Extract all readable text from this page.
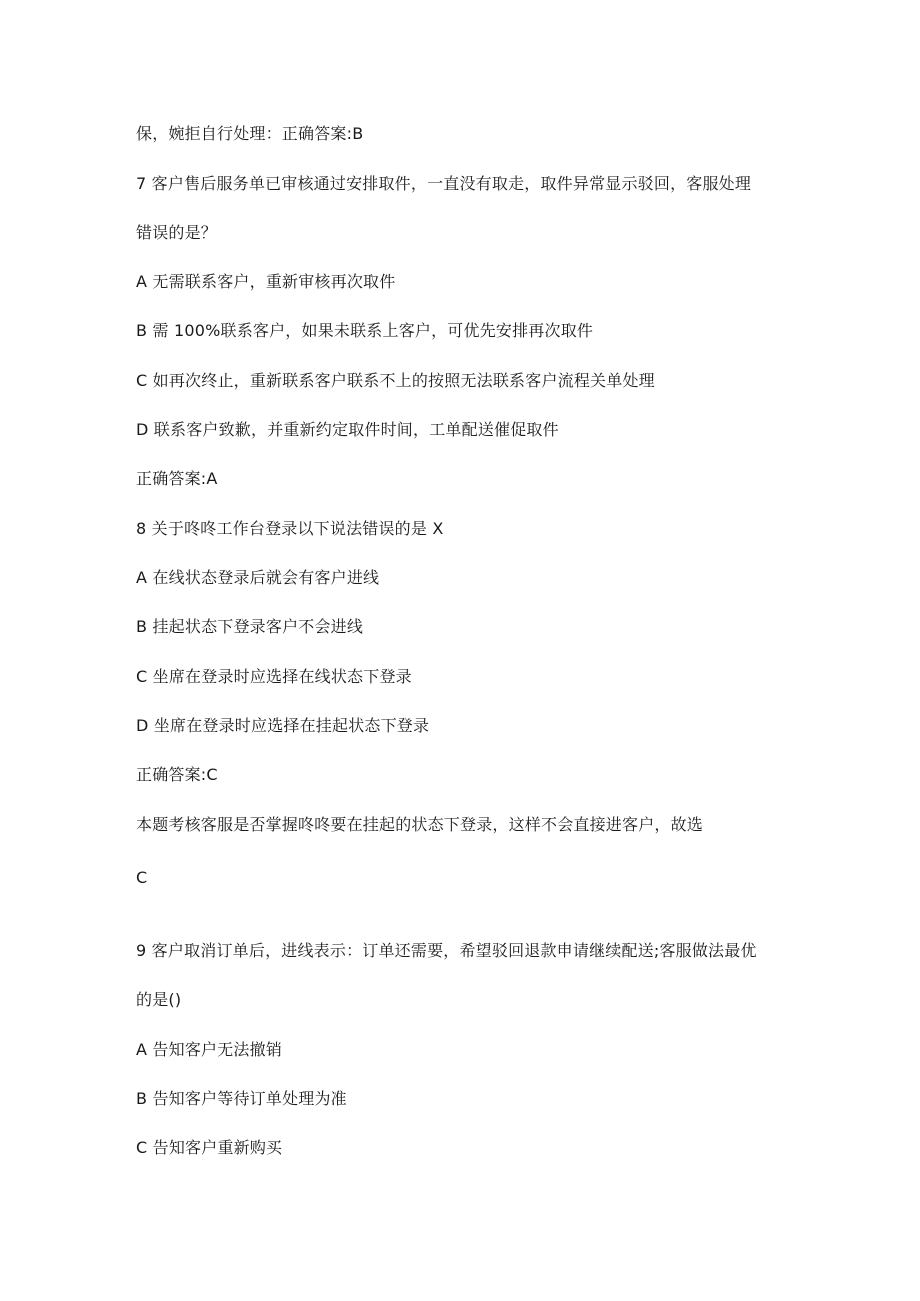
保，婉拒自行处理：正确答案:B
7 客户售后服务单已审核通过安排取件，一直没有取走，取件异常显示驳回，客服处理
错误的是？
A 无需联系客户，重新审核再次取件
B 需 100%联系客户，如果未联系上客户，可优先安排再次取件
C 如再次终止，重新联系客户联系不上的按照无法联系客户流程关单处理
D 联系客户致歉，并重新约定取件时间，工单配送催促取件
正确答案:A
8 关于咚咚工作台登录以下说法错误的是 X
A 在线状态登录后就会有客户进线
B 挂起状态下登录客户不会进线
C 坐席在登录时应选择在线状态下登录
D 坐席在登录时应选择在挂起状态下登录
正确答案:C
本题考核客服是否掌握咚咚要在挂起的状态下登录，这样不会直接进客户，故选
C
9 客户取消订单后，进线表示：订单还需要，希望驳回退款申请继续配送;客服做法最优
的是()
A 告知客户无法撤销
B 告知客户等待订单处理为准
C 告知客户重新购买
